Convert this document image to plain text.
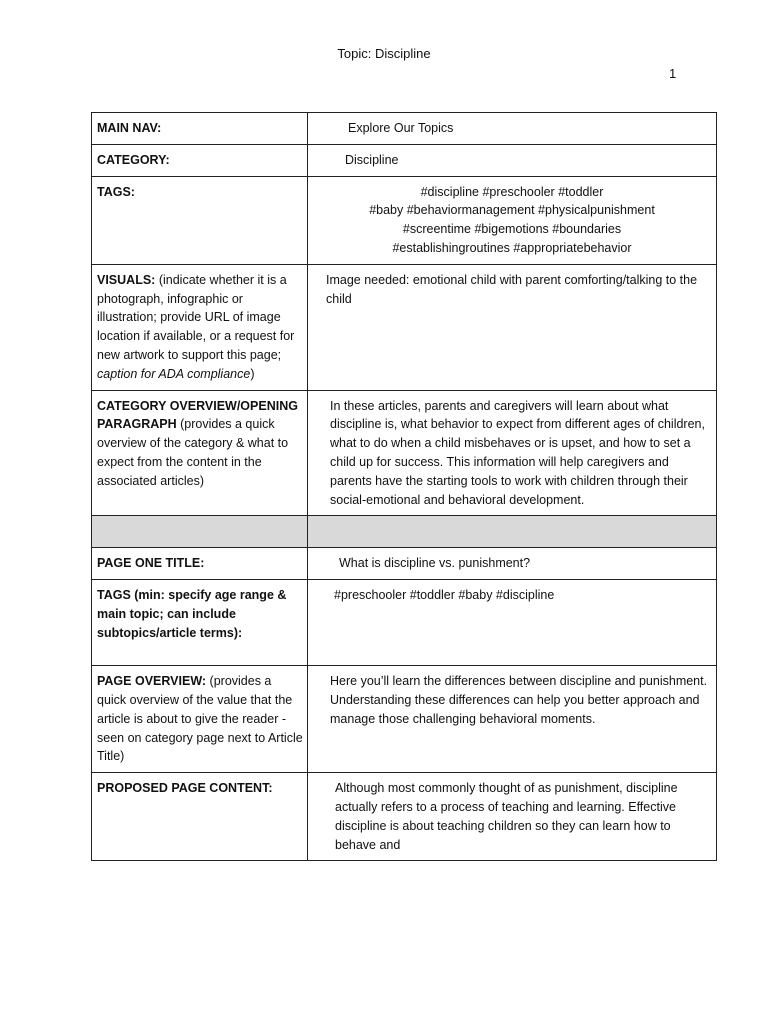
Topic: Discipline
1
MAIN NAV:	Explore Our Topics
CATEGORY:	Discipline
TAGS:	#discipline #preschooler #toddler
#baby #behaviormanagement #physicalpunishment
#screentime #bigemotions #boundaries
#establishingroutines #appropriatebehavior

VISUALS: (indicate whether it is a photograph, infographic or illustration; provide URL of image location if available, or a request for new artwork to support this page; caption for ADA compliance)	Image needed: emotional child with parent comforting/talking to the child
CATEGORY OVERVIEW/OPENING PARAGRAPH (provides a quick overview of the category & what to expect from the content in the associated articles)	In these articles, parents and caregivers will learn about what discipline is, what behavior to expect from different ages of children, what to do when a child misbehaves or is upset, and how to set a child up for success. This information will help caregivers and parents have the starting tools to work with children through their social-emotional and behavioral development.

PAGE ONE TITLE:	What is discipline vs. punishment?
TAGS (min: specify age range & main topic; can include subtopics/article terms):	#preschooler #toddler #baby #discipline
PAGE OVERVIEW: (provides a quick overview of the value that the article is about to give the reader - seen on category page next to Article Title)	Here you’ll learn the differences between discipline and punishment. Understanding these differences can help you better approach and manage those challenging behavioral moments.
PROPOSED PAGE CONTENT:	Although most commonly thought of as punishment, discipline actually refers to a process of teaching and learning. Effective discipline is about teaching children so they can learn how to behave and
